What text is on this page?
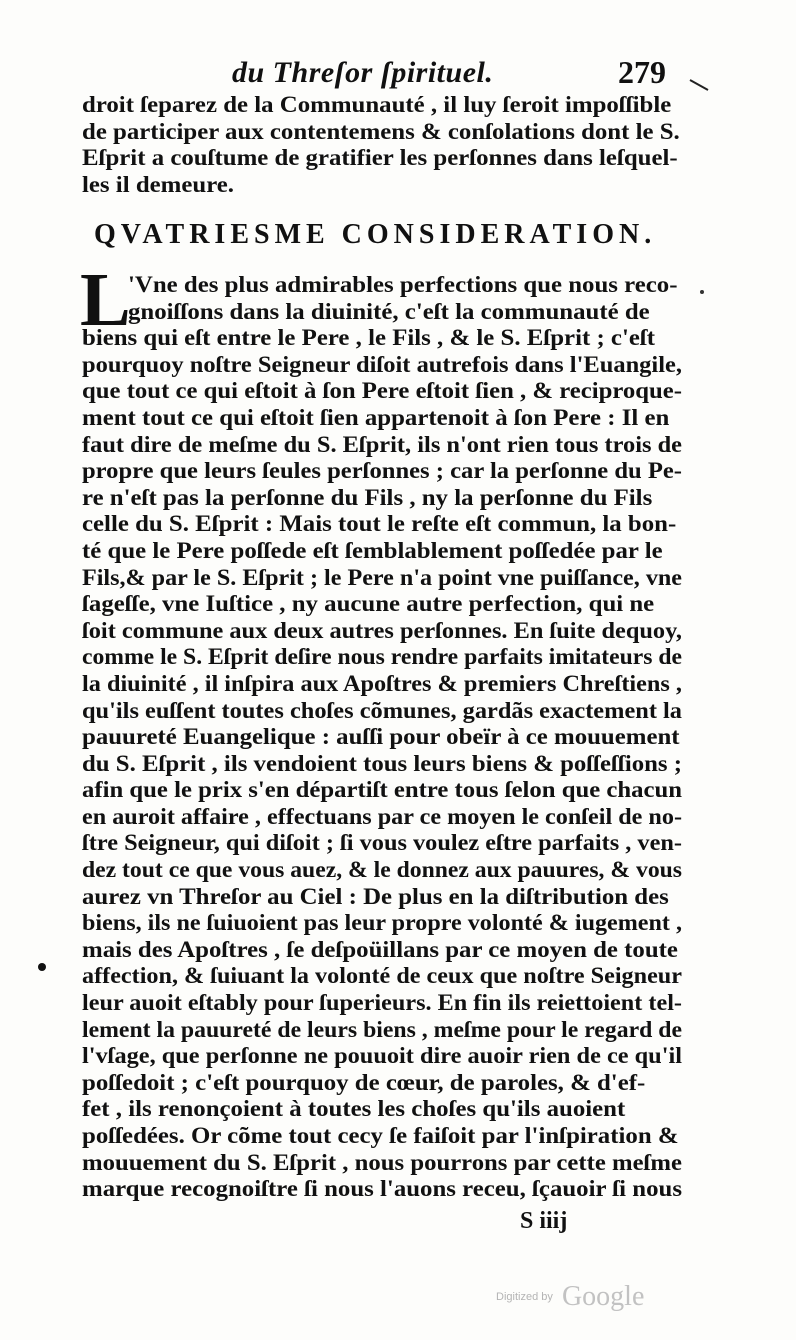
du Threſor ſpirituel.	279
droit ſeparez de la Communauté , il luy ſeroit impoſſible
de participer aux contentemens & conſolations dont le S.
Eſprit a couſtume de gratifier les perſonnes dans leſquel-
les il demeure.
QVATRIESME CONSIDERATION.
L
'Vne des plus admirables perfections que nous reco-
gnoiſſons dans la diuinité, c'eſt la communauté de
biens qui eſt entre le Pere , le Fils , & le S. Eſprit ; c'eſt
pourquoy noſtre Seigneur diſoit autrefois dans l'Euangile,
que tout ce qui eſtoit à ſon Pere eſtoit ſien , & reciproque-
ment tout ce qui eſtoit ſien appartenoit à ſon Pere : Il en
faut dire de meſme du S. Eſprit, ils n'ont rien tous trois de
propre que leurs ſeules perſonnes ; car la perſonne du Pe-
re n'eſt pas la perſonne du Fils , ny la perſonne du Fils
celle du S. Eſprit : Mais tout le reſte eſt commun, la bon-
té que le Pere poſſede eſt ſemblablement poſſedée par le
Fils,& par le S. Eſprit ; le Pere n'a point vne puiſſance, vne
ſageſſe, vne Iuſtice , ny aucune autre perfection, qui ne
ſoit commune aux deux autres perſonnes. En ſuite dequoy,
comme le S. Eſprit deſire nous rendre parfaits imitateurs de
la diuinité , il inſpira aux Apoſtres & premiers Chreſtiens ,
qu'ils euſſent toutes choſes cõmunes, gardãs exactement la
pauureté Euangelique : auſſi pour obeïr à ce mouuement
du S. Eſprit , ils vendoient tous leurs biens & poſſeſſions ;
afin que le prix s'en départiſt entre tous ſelon que chacun
en auroit affaire , effectuans par ce moyen le conſeil de no-
ſtre Seigneur, qui diſoit ; ſi vous voulez eſtre parfaits , ven-
dez tout ce que vous auez, & le donnez aux pauures, & vous
aurez vn Threſor au Ciel : De plus en la diſtribution des
biens, ils ne ſuiuoient pas leur propre volonté & iugement ,
mais des Apoſtres , ſe deſpoüillans par ce moyen de toute
affection, & ſuiuant la volonté de ceux que noſtre Seigneur
leur auoit eſtably pour ſuperieurs. En fin ils reiettoient tel-
lement la pauureté de leurs biens , meſme pour le regard de
l'vſage, que perſonne ne pouuoit dire auoir rien de ce qu'il
poſſedoit ; c'eſt pourquoy de cœur, de paroles, & d'ef-
fet , ils renonçoient à toutes les choſes qu'ils auoient
poſſedées. Or cõme tout cecy ſe faiſoit par l'inſpiration &
mouuement du S. Eſprit , nous pourrons par cette meſme
marque recognoiſtre ſi nous l'auons receu, ſçauoir ſi nous
S iiij
Digitized by Google
